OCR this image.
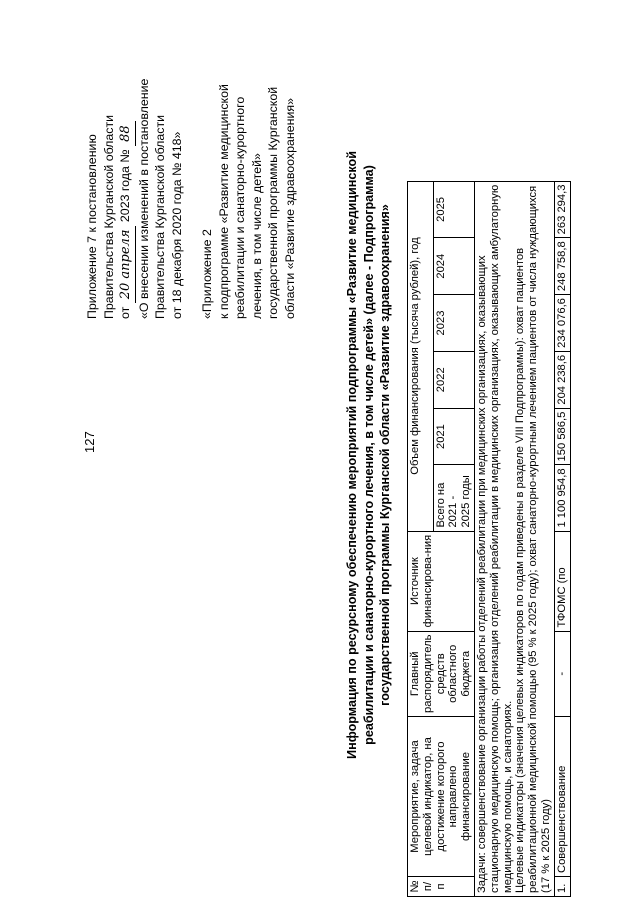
127
Приложение 7 к постановлению Правительства Курганской области от 20 апреля 2023 года № 88 «О внесении изменений в постановление Правительства Курганской области от 18 декабря 2020 года № 418» «Приложение 2 к подпрограмме «Развитие медицинской реабилитации и санаторно-курортного лечения, в том числе детей» государственной программы Курганской области «Развитие здравоохранения»	Информация по ресурсному обеспечению мероприятий подпрограммы «Развитие медицинской реабилитации и санаторно-курортного лечения, в том числе детей» (далее - Подпрограмма) государственной программы Курганской области «Развитие здравоохранения»
№ п/п	Мероприятие, задача целевой индикатор, на достижение которого направлено финансирование	Главный распорядитель средств областного бюджета	Источник финансирова-ния	Объем финансирования (тысяча рублей), год					
				Всего на 2021 - 2025 годы	2021	2022	2023	2024	2025

Задачи: совершенствование организации работы отделений реабилитации при медицинских организациях, оказывающих стационарную медицинскую помощь; организация отделений реабилитации в медицинских организациях, оказывающих амбулаторную медицинскую помощь, и санаториях. Целевые индикаторы (значения целевых индикаторов по годам приведены в разделе VIII Подпрограммы): охват пациентов реабилитационной медицинской помощью (95 % к 2025 году); охват санаторно-курортным лечением пациентов от числа нуждающихся (17 % к 2025 году)									

1.	Совершенствование	-	ТФОМС (по	1 100 954,8	150 586,5	204 238,6	234 076,6	248 758,8	263 294,3
